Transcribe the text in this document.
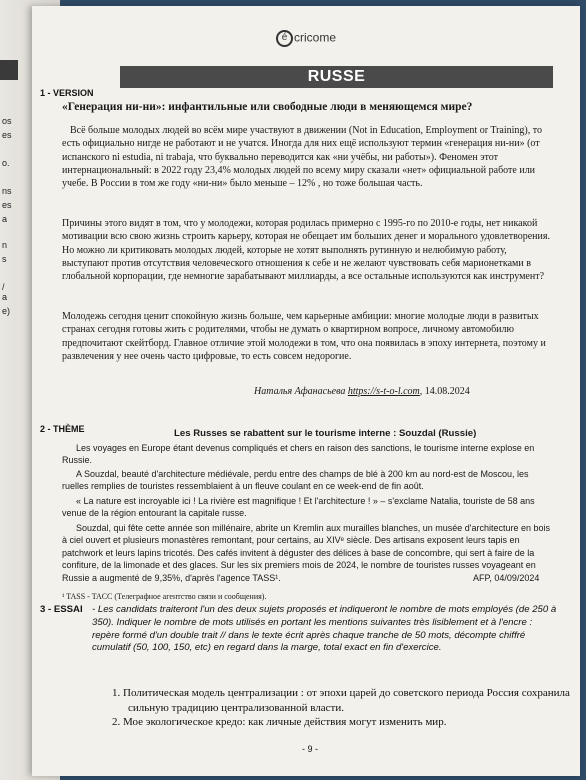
os
es
o.
ns
es
a
n
s
/
a
e)
é cricome
RUSSE
1 - VERSION
«Генерация ни-ни»: инфантильные или свободные люди в меняющемся мире?
Всё больше молодых людей во всём мире участвуют в движении (Not in Education, Employment or Training), то есть официально нигде не работают и не учатся. Иногда для них ещё используют термин «генерация ни-ни» (от испанского ni estudia, ni trabaja, что буквально переводится как «ни учёбы, ни работы»). Феномен этот интернациональный: в 2022 году 23,4% молодых людей по всему миру сказали «нет» официальной работе или учебе. В России в том же году «ни-ни» было меньше – 12% , но тоже большая часть.
Причины этого видят в том, что у молодежи, которая родилась примерно с 1995-го по 2010-е годы, нет никакой мотивации всю свою жизнь строить карьеру, которая не обещает им больших денег и морального удовлетворения. Но можно ли критиковать молодых людей, которые не хотят выполнять рутинную и нелюбимую работу, выступают против отсутствия человеческого отношения к себе и не желают чувствовать себя марионетками в глобальной корпорации, где немногие зарабатывают миллиарды, а все остальные используются как инструмент?
Молодежь сегодня ценит спокойную жизнь больше, чем карьерные амбиции: многие молодые люди в развитых странах сегодня готовы жить с родителями, чтобы не думать о квартирном вопросе, личному автомобилю предпочитают скейтборд. Главное отличие этой молодежи в том, что она появилась в эпоху интернета, поэтому и развлечения у нее очень часто цифровые, то есть совсем недорогие.
Наталья Афанасьева https://s-t-o-l.com, 14.08.2024
2 - THÈME	Les Russes se rabattent sur le tourisme interne : Souzdal (Russie)
Les voyages en Europe étant devenus compliqués et chers en raison des sanctions, le tourisme interne explose en Russie.
A Souzdal, beauté d'architecture médiévale, perdu entre des champs de blé à 200 km au nord-est de Moscou, les ruelles remplies de touristes ressemblaient à un fleuve coulant en ce week-end de fin août.
« La nature est incroyable ici ! La rivière est magnifique ! Et l'architecture ! » – s'exclame Natalia, touriste de 58 ans venue de la région entourant la capitale russe.
Souzdal, qui fête cette année son millénaire, abrite un Kremlin aux murailles blanches, un musée d'architecture en bois à ciel ouvert et plusieurs monastères remontant, pour certains, au XIVᵉ siècle. Des artisans exposent leurs tapis en patchwork et leurs lapins tricotés. Des cafés invitent à déguster des délices à base de concombre, qui sert à faire de la confiture, de la limonade et des glaces. Sur les six premiers mois de 2024, le nombre de touristes russes voyageant en Russie a augmenté de 9,35%, d'après l'agence TASS¹.	AFP, 04/09/2024
¹ TASS - TACC (Телеграфное агентство связи и сообщения).
3 - ESSAI - Les candidats traiteront l'un des deux sujets proposés et indiqueront le nombre de mots employés (de 250 à 350). Indiquer le nombre de mots utilisés en portant les mentions suivantes très lisiblement et à l'encre : repère formé d'un double trait // dans le texte écrit après chaque tranche de 50 mots, décompte chiffré cumulatif (50, 100, 150, etc) en regard dans la marge, total exact en fin d'exercice.
1. Политическая модель централизации : от эпохи царей до советского периода Россия сохранила сильную традицию централизованной власти.
2. Мое экологическое кредо: как личные действия могут изменить мир.
- 9 -
